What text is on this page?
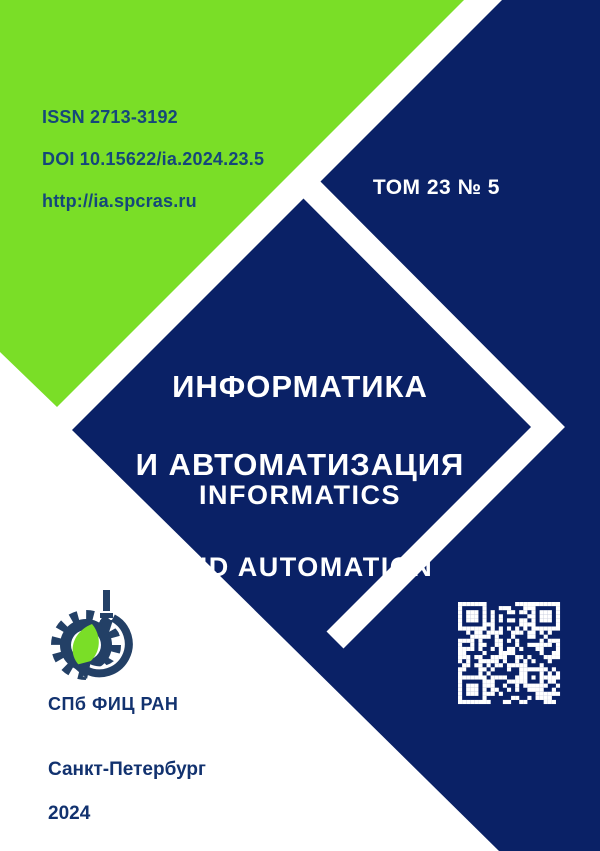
ISSN 2713-3192

DOI 10.15622/ia.2024.23.5

http://ia.spcras.ru

ТОМ 23 № 5

ИНФОРМАТИКА

И АВТОМАТИЗАЦИЯ

INFORMATICS

AND AUTOMATION

СПб ФИЦ РАН

Санкт-Петербург

2024
